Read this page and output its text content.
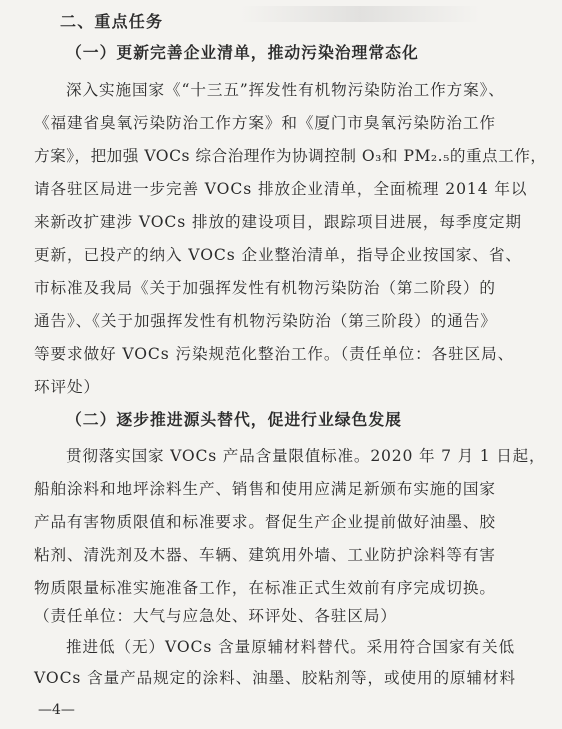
二、重点任务
（一）更新完善企业清单，推动污染治理常态化
深入实施国家《“十三五”挥发性有机物污染防治工作方案》、
《福建省臭氧污染防治工作方案》和《厦门市臭氧污染防治工作
方案》，把加强 VOCs 综合治理作为协调控制 O₃和 PM₂.₅的重点工作，
请各驻区局进一步完善 VOCs 排放企业清单，全面梳理 2014 年以
来新改扩建涉 VOCs 排放的建设项目，跟踪项目进展，每季度定期
更新，已投产的纳入 VOCs 企业整治清单，指导企业按国家、省、
市标准及我局《关于加强挥发性有机物污染防治（第二阶段）的
通告》、《关于加强挥发性有机物污染防治（第三阶段）的通告》
等要求做好 VOCs 污染规范化整治工作。（责任单位：各驻区局、
环评处）
（二）逐步推进源头替代，促进行业绿色发展
贯彻落实国家 VOCs 产品含量限值标准。2020 年 7 月 1 日起，
船舶涂料和地坪涂料生产、销售和使用应满足新颁布实施的国家
产品有害物质限值和标准要求。督促生产企业提前做好油墨、胶
粘剂、清洗剂及木器、车辆、建筑用外墙、工业防护涂料等有害
物质限量标准实施准备工作，在标准正式生效前有序完成切换。
（责任单位：大气与应急处、环评处、各驻区局）
推进低（无）VOCs 含量原辅材料替代。采用符合国家有关低
VOCs 含量产品规定的涂料、油墨、胶粘剂等，或使用的原辅材料
—4—
